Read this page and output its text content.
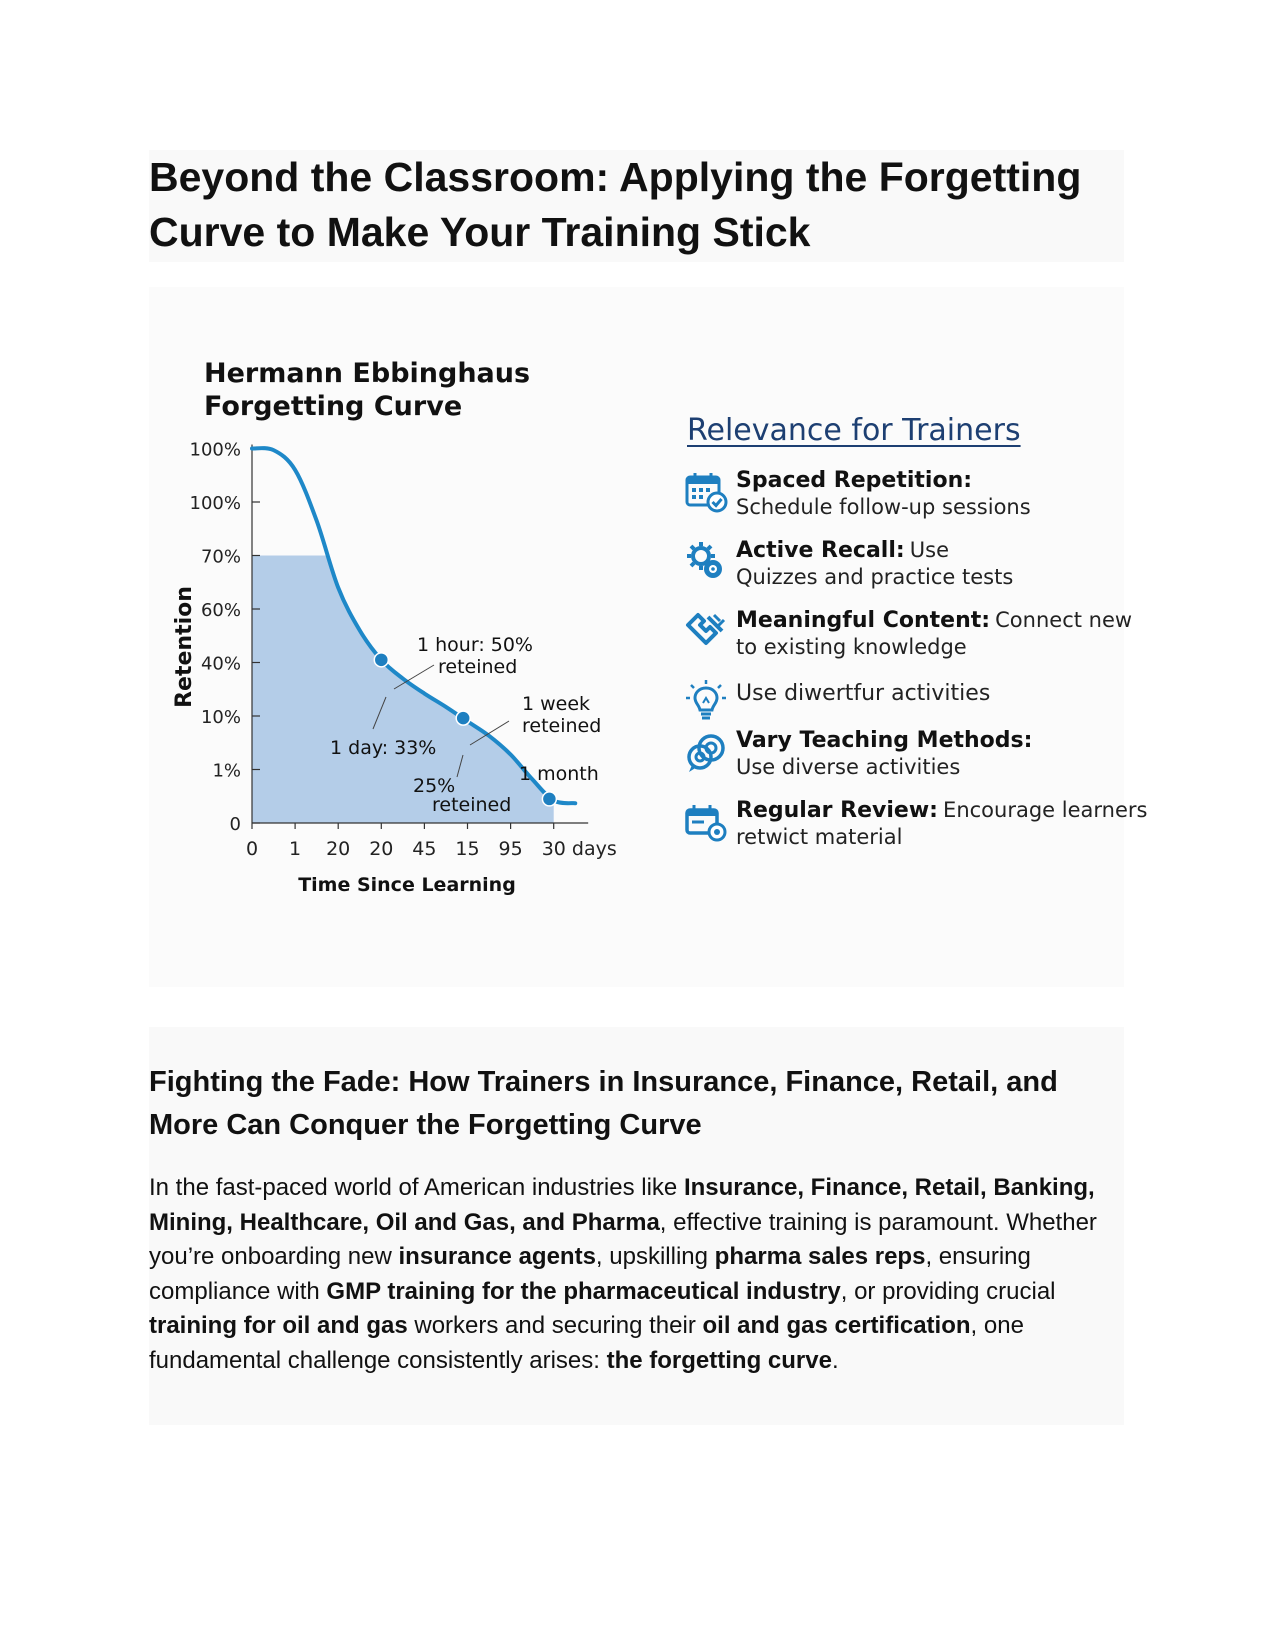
Beyond the Classroom: Applying the Forgetting Curve to Make Your Training Stick
Hermann Ebbinghaus
Forgetting Curve
Retention
Time Since Learning
0
1%
10%
40%
60%
70%
100%
100%
0 1 20 20 45 15 95 30 days
1 hour: 50%
reteined
1 week
reteined
1 day: 33%
25%
reteined
1 month
Relevance for Trainers
Spaced Repetition:
Schedule follow-up sessions
Active Recall: Use
Quizzes and practice tests
Meaningful Content: Connect new
to existing knowledge
Use diwertfur activities
Vary Teaching Methods:
Use diverse activities
Regular Review: Encourage learners
retwict material
Fighting the Fade: How Trainers in Insurance, Finance, Retail, and More Can Conquer the Forgetting Curve

In the fast-paced world of American industries like Insurance, Finance, Retail, Banking, Mining, Healthcare, Oil and Gas, and Pharma, effective training is paramount. Whether you’re onboarding new insurance agents, upskilling pharma sales reps, ensuring compliance with GMP training for the pharmaceutical industry, or providing crucial training for oil and gas workers and securing their oil and gas certification, one fundamental challenge consistently arises: the forgetting curve.
